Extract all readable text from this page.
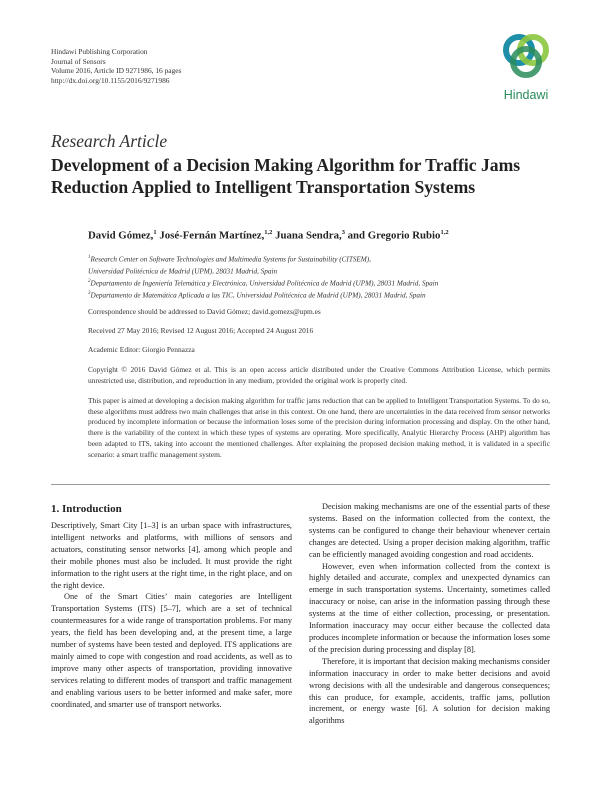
Hindawi Publishing Corporation
Journal of Sensors
Volume 2016, Article ID 9271986, 16 pages
http://dx.doi.org/10.1155/2016/9271986
Hindawi
Research Article
Development of a Decision Making Algorithm for Traffic Jams
Reduction Applied to Intelligent Transportation Systems
David Gómez,$^1$ José-Fernán Martínez,$^{1,2}$ Juana Sendra,$^3$ and Gregorio Rubio$^{1,2}$
$^1$Research Center on Software Technologies and Multimedia Systems for Sustainability (CITSEM),
Universidad Politécnica de Madrid (UPM), 28031 Madrid, Spain
$^2$Departamento de Ingeniería Telemática y Electrónica, Universidad Politécnica de Madrid (UPM), 28031 Madrid, Spain
$^3$Departamento de Matemática Aplicada a las TIC, Universidad Politécnica de Madrid (UPM), 28031 Madrid, Spain
Correspondence should be addressed to David Gómez; david.gomezs@upm.es
Received 27 May 2016; Revised 12 August 2016; Accepted 24 August 2016
Academic Editor: Giorgio Pennazza
Copyright © 2016 David Gómez et al. This is an open access article distributed under the Creative Commons Attribution License, which permits unrestricted use, distribution, and reproduction in any medium, provided the original work is properly cited.
This paper is aimed at developing a decision making algorithm for traffic jams reduction that can be applied to Intelligent Transportation Systems. To do so, these algorithms must address two main challenges that arise in this context. On one hand, there are uncertainties in the data received from sensor networks produced by incomplete information or because the information loses some of the precision during information processing and display. On the other hand, there is the variability of the context in which these types of systems are operating. More specifically, Analytic Hierarchy Process (AHP) algorithm has been adapted to ITS, taking into account the mentioned challenges. After explaining the proposed decision making method, it is validated in a specific scenario: a smart traffic management system.
1. Introduction

Descriptively, Smart City [1–3] is an urban space with infrastructures, intelligent networks and platforms, with millions of sensors and actuators, constituting sensor networks [4], among which people and their mobile phones must also be included. It must provide the right information to the right users at the right time, in the right place, and on the right device.

One of the Smart Cities’ main categories are Intelligent Transportation Systems (ITS) [5–7], which are a set of technical countermeasures for a wide range of transportation problems. For many years, the field has been developing and, at the present time, a large number of systems have been tested and deployed. ITS applications are mainly aimed to cope with congestion and road accidents, as well as to improve many other aspects of transportation, providing innovative services relating to different modes of transport and traffic management and enabling various users to be better informed and make safer, more coordinated, and smarter use of transport networks.

Decision making mechanisms are one of the essential parts of these systems. Based on the information collected from the context, the systems can be configured to change their behaviour whenever certain changes are detected. Using a proper decision making algorithm, traffic can be efficiently managed avoiding congestion and road accidents.

However, even when information collected from the context is highly detailed and accurate, complex and unexpected dynamics can emerge in such transportation systems. Uncertainty, sometimes called inaccuracy or noise, can arise in the information passing through these systems at the time of either collection, processing, or presentation. Information inaccuracy may occur either because the collected data produces incomplete information or because the information loses some of the precision during processing and display [8].

Therefore, it is important that decision making mechanisms consider information inaccuracy in order to make better decisions and avoid wrong decisions with all the undesirable and dangerous consequences; this can produce, for example, accidents, traffic jams, pollution increment, or energy waste [6]. A solution for decision making algorithms
